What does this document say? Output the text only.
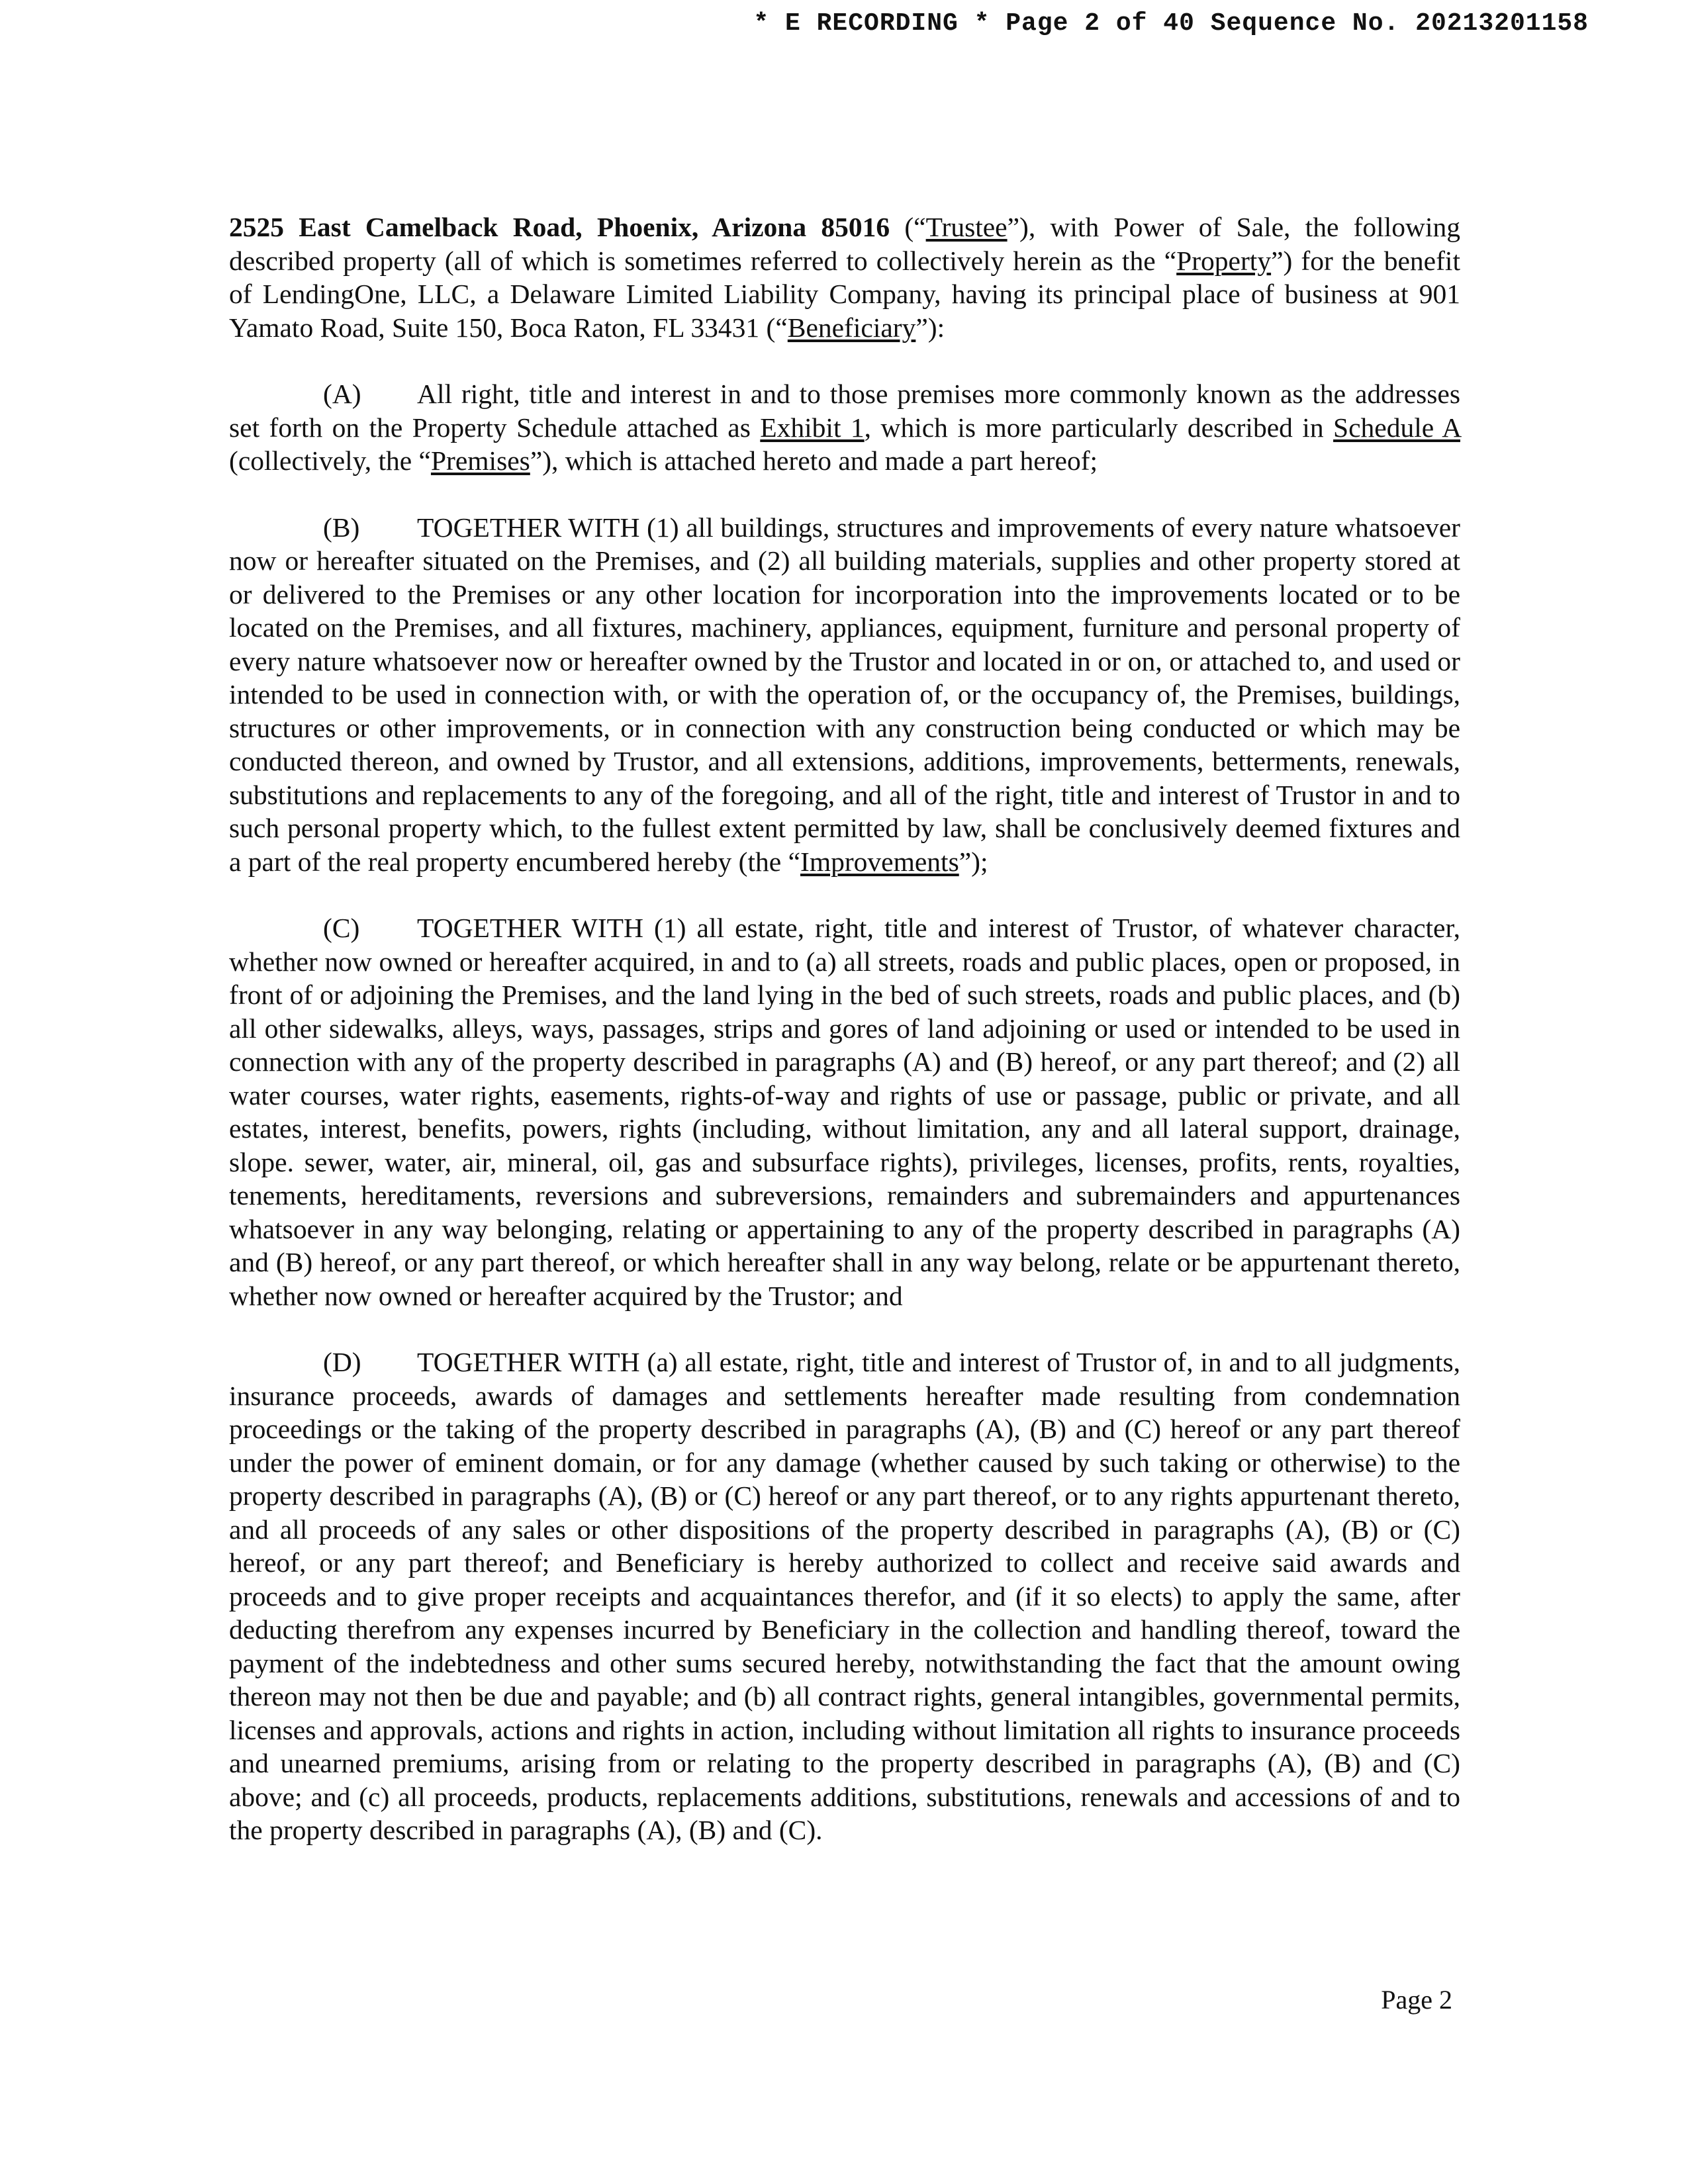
* E RECORDING * Page 2 of 40 Sequence No. 20213201158

2525 East Camelback Road, Phoenix, Arizona 85016 (“Trustee”), with Power of Sale, the following described property (all of which is sometimes referred to collectively herein as the “Property”) for the benefit of LendingOne, LLC, a Delaware Limited Liability Company, having its principal place of business at 901 Yamato Road, Suite 150, Boca Raton, FL 33431 (“Beneficiary”):

(A) All right, title and interest in and to those premises more commonly known as the addresses set forth on the Property Schedule attached as Exhibit 1, which is more particularly described in Schedule A (collectively, the “Premises”), which is attached hereto and made a part hereof;

(B) TOGETHER WITH (1) all buildings, structures and improvements of every nature whatsoever now or hereafter situated on the Premises, and (2) all building materials, supplies and other property stored at or delivered to the Premises or any other location for incorporation into the improvements located or to be located on the Premises, and all fixtures, machinery, appliances, equipment, furniture and personal property of every nature whatsoever now or hereafter owned by the Trustor and located in or on, or attached to, and used or intended to be used in connection with, or with the operation of, or the occupancy of, the Premises, buildings, structures or other improvements, or in connection with any construction being conducted or which may be conducted thereon, and owned by Trustor, and all extensions, additions, improvements, betterments, renewals, substitutions and replacements to any of the foregoing, and all of the right, title and interest of Trustor in and to such personal property which, to the fullest extent permitted by law, shall be conclusively deemed fixtures and a part of the real property encumbered hereby (the “Improvements”);

(C) TOGETHER WITH (1) all estate, right, title and interest of Trustor, of whatever character, whether now owned or hereafter acquired, in and to (a) all streets, roads and public places, open or proposed, in front of or adjoining the Premises, and the land lying in the bed of such streets, roads and public places, and (b) all other sidewalks, alleys, ways, passages, strips and gores of land adjoining or used or intended to be used in connection with any of the property described in paragraphs (A) and (B) hereof, or any part thereof; and (2) all water courses, water rights, easements, rights-of-way and rights of use or passage, public or private, and all estates, interest, benefits, powers, rights (including, without limitation, any and all lateral support, drainage, slope. sewer, water, air, mineral, oil, gas and subsurface rights), privileges, licenses, profits, rents, royalties, tenements, hereditaments, reversions and subreversions, remainders and subremainders and appurtenances whatsoever in any way belonging, relating or appertaining to any of the property described in paragraphs (A) and (B) hereof, or any part thereof, or which hereafter shall in any way belong, relate or be appurtenant thereto, whether now owned or hereafter acquired by the Trustor; and

(D) TOGETHER WITH (a) all estate, right, title and interest of Trustor of, in and to all judgments, insurance proceeds, awards of damages and settlements hereafter made resulting from condemnation proceedings or the taking of the property described in paragraphs (A), (B) and (C) hereof or any part thereof under the power of eminent domain, or for any damage (whether caused by such taking or otherwise) to the property described in paragraphs (A), (B) or (C) hereof or any part thereof, or to any rights appurtenant thereto, and all proceeds of any sales or other dispositions of the property described in paragraphs (A), (B) or (C) hereof, or any part thereof; and Beneficiary is hereby authorized to collect and receive said awards and proceeds and to give proper receipts and acquaintances therefor, and (if it so elects) to apply the same, after deducting therefrom any expenses incurred by Beneficiary in the collection and handling thereof, toward the payment of the indebtedness and other sums secured hereby, notwithstanding the fact that the amount owing thereon may not then be due and payable; and (b) all contract rights, general intangibles, governmental permits, licenses and approvals, actions and rights in action, including without limitation all rights to insurance proceeds and unearned premiums, arising from or relating to the property described in paragraphs (A), (B) and (C) above; and (c) all proceeds, products, replacements additions, substitutions, renewals and accessions of and to the property described in paragraphs (A), (B) and (C).

Page 2
